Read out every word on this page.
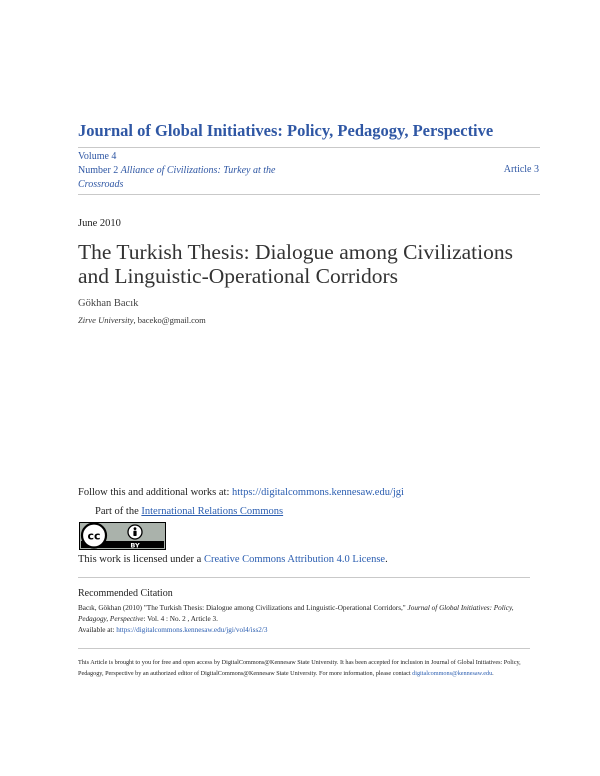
Journal of Global Initiatives: Policy, Pedagogy, Perspective
Volume 4
Number 2 Alliance of Civilizations: Turkey at the Crossroads
Article 3
June 2010
The Turkish Thesis: Dialogue among Civilizations and Linguistic-Operational Corridors
Gökhan Bacık
Zirve University, baceko@gmail.com
Follow this and additional works at: https://digitalcommons.kennesaw.edu/jgi
Part of the International Relations Commons
cc
BY
This work is licensed under a Creative Commons Attribution 4.0 License.
Recommended Citation
Bacık, Gökhan (2010) "The Turkish Thesis: Dialogue among Civilizations and Linguistic-Operational Corridors," Journal of Global Initiatives: Policy, Pedagogy, Perspective: Vol. 4 : No. 2 , Article 3.
Available at: https://digitalcommons.kennesaw.edu/jgi/vol4/iss2/3
This Article is brought to you for free and open access by DigitalCommons@Kennesaw State University. It has been accepted for inclusion in Journal of Global Initiatives: Policy, Pedagogy, Perspective by an authorized editor of DigitalCommons@Kennesaw State University. For more information, please contact digitalcommons@kennesaw.edu.
